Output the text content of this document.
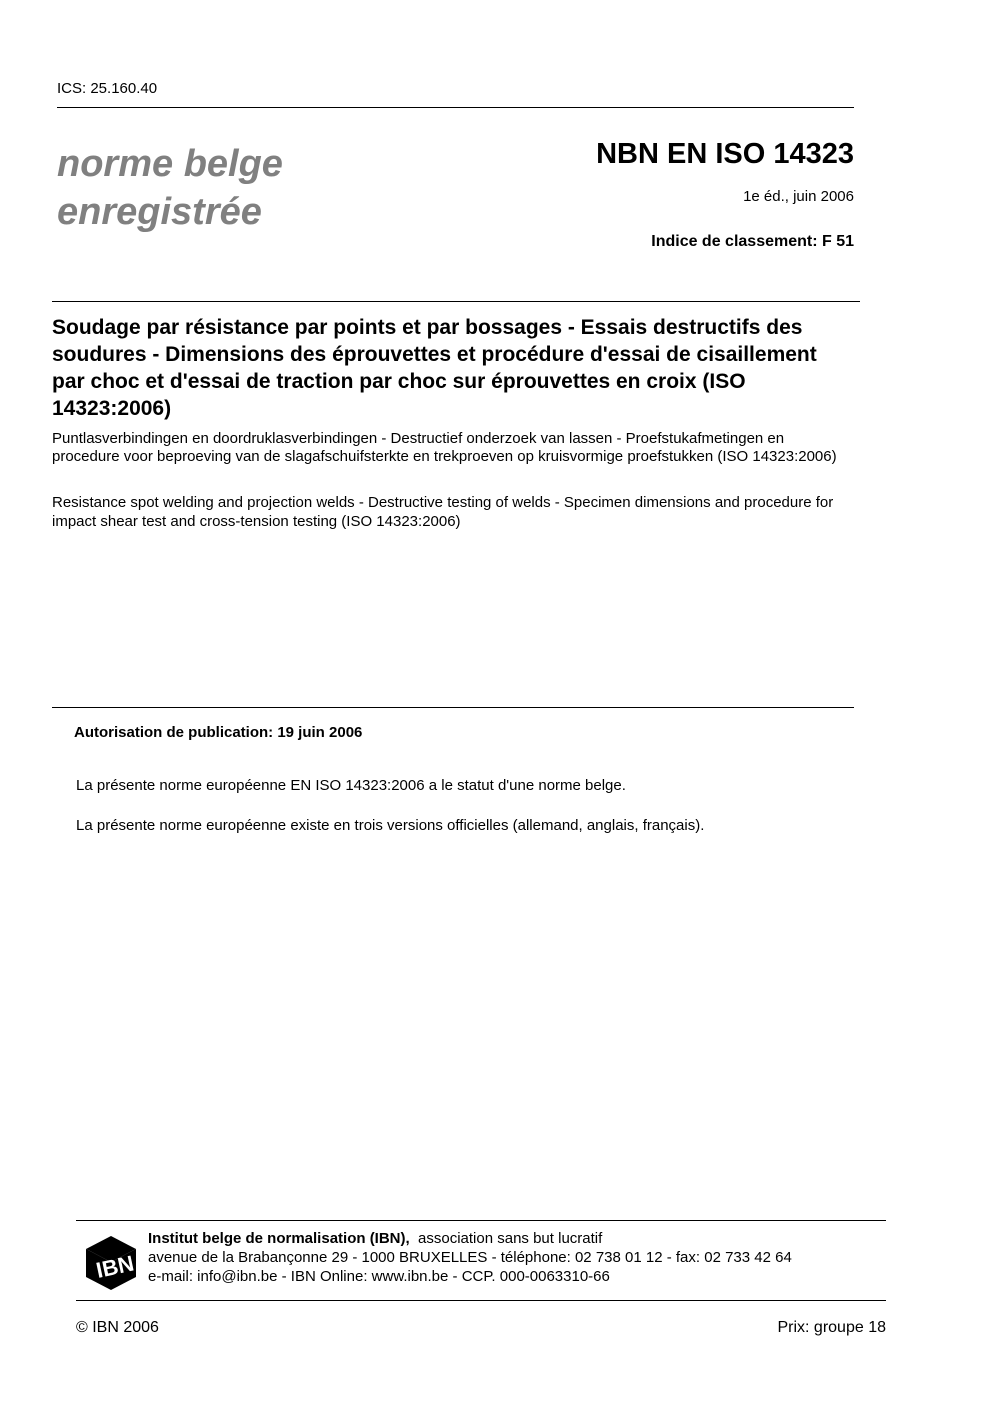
ICS: 25.160.40
norme belge
enregistrée
NBN EN ISO 14323
1e éd., juin 2006
Indice de classement: F 51
Soudage par résistance par points et par bossages - Essais destructifs des soudures - Dimensions des éprouvettes et procédure d'essai de cisaillement par choc et d'essai de traction par choc sur éprouvettes en croix (ISO 14323:2006)
Puntlasverbindingen en doordruklasverbindingen - Destructief onderzoek van lassen - Proefstukafmetingen en procedure voor beproeving van de slagafschuifsterkte en trekproeven op kruisvormige proefstukken (ISO 14323:2006)
Resistance spot welding and projection welds - Destructive testing of welds - Specimen dimensions and procedure for impact shear test and cross-tension testing (ISO 14323:2006)
Autorisation de publication: 19 juin 2006
La présente norme européenne EN ISO 14323:2006 a le statut d'une norme belge.
La présente norme européenne existe en trois versions officielles (allemand, anglais, français).
IBN
Institut belge de normalisation (IBN), association sans but lucratif
avenue de la Brabançonne 29 - 1000 BRUXELLES - téléphone: 02 738 01 12 - fax: 02 733 42 64
e-mail: info@ibn.be - IBN Online: www.ibn.be - CCP. 000-0063310-66
© IBN 2006	Prix: groupe 18
